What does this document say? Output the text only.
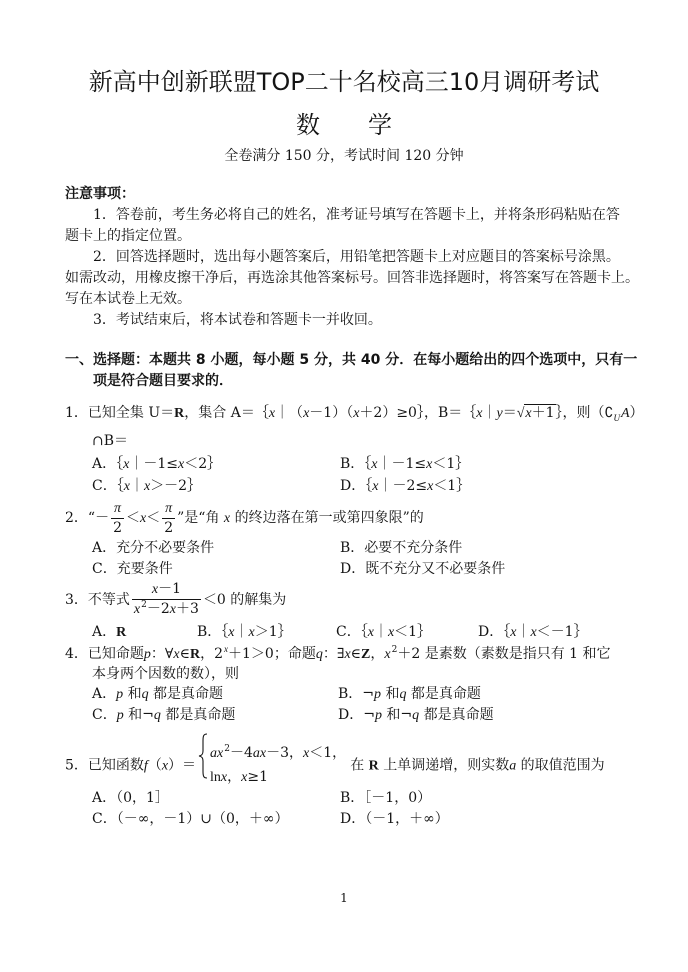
新高中创新联盟TOP二十名校高三10月调研考试
数　　学
全卷满分 150 分，考试时间 120 分钟
注意事项：
1．答卷前，考生务必将自己的姓名，准考证号填写在答题卡上，并将条形码粘贴在答
题卡上的指定位置。
2．回答选择题时，选出每小题答案后，用铅笔把答题卡上对应题目的答案标号涂黑。
如需改动，用橡皮擦干净后，再选涂其他答案标号。回答非选择题时，将答案写在答题卡上。
写在本试卷上无效。
3．考试结束后，将本试卷和答题卡一并收回。
一、选择题：本题共 8 小题，每小题 5 分，共 40 分．在每小题给出的四个选项中，只有一
项是符合题目要求的．
1．已知全集 U＝R，集合 A＝｛x｜（x－1）（x＋2）≥0｝，B＝｛x｜y＝√x＋1｝，则$(∁_UA)$
∩B＝
A．｛x｜－1≤x＜2｝	B．｛x｜－1≤x＜1｝
C．｛x｜x＞－2｝	D．｛x｜－2≤x＜1｝
2．“－ $\frac{\pi}{2} <x< \frac{\pi}{2}$ ”是“角 x 的终边落在第一或第四象限”的
A．充分不必要条件	B．必要不充分条件
C．充要条件	D．既不充分又不必要条件
3．不等式 $\frac{x-1}{x^2-2x+3} <0$ 的解集为
A．R	B．｛x｜x＞1｝	C．｛x｜x＜1｝	D．｛x｜x＜－1｝
4．已知命题p：∀x∈R，$2^x+1>0$；命题q：∃x∈Z，$x^2+2$ 是素数（素数是指只有 1 和它
本身两个因数的数），则
A．p 和q 都是真命题	B．¬p 和q 都是真命题
C．p 和¬q 都是真命题	D．¬p 和¬q 都是真命题
5．已知函数f（x）＝
$ax^2-4ax-3$，x＜1，
lnx，x≥1
在 R 上单调递增，则实数a 的取值范围为
A．（0，1］	B．［－1，0）
C．（－∞，－1）∪（0，＋∞）	D．（－1，＋∞）
1
